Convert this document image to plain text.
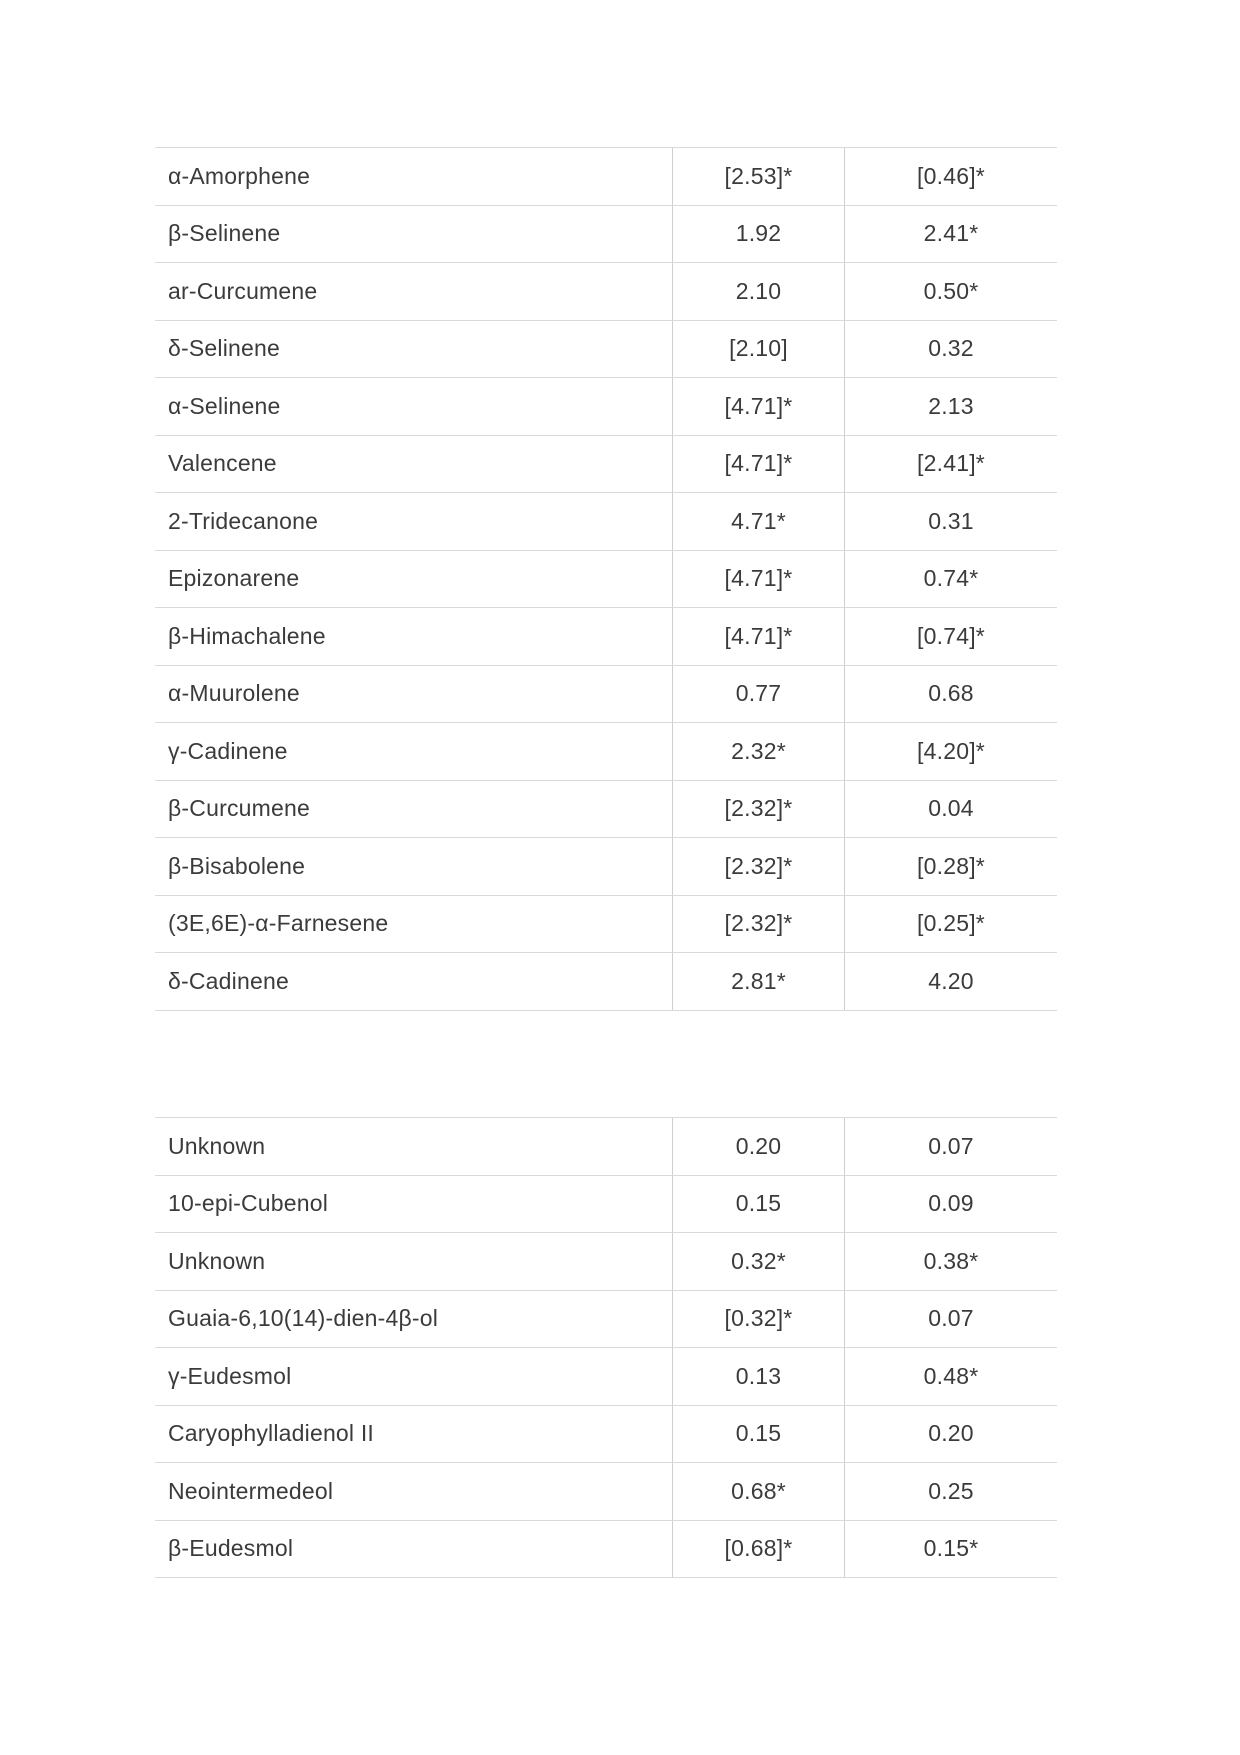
α-Amorphene	[2.53]*	[0.46]*
β-Selinene	1.92	2.41*
ar-Curcumene	2.10	0.50*
δ-Selinene	[2.10]	0.32
α-Selinene	[4.71]*	2.13
Valencene	[4.71]*	[2.41]*
2-Tridecanone	4.71*	0.31
Epizonarene	[4.71]*	0.74*
β-Himachalene	[4.71]*	[0.74]*
α-Muurolene	0.77	0.68
γ-Cadinene	2.32*	[4.20]*
β-Curcumene	[2.32]*	0.04
β-Bisabolene	[2.32]*	[0.28]*
(3E,6E)-α-Farnesene	[2.32]*	[0.25]*
δ-Cadinene	2.81*	4.20
Unknown	0.20	0.07
10-epi-Cubenol	0.15	0.09
Unknown	0.32*	0.38*
Guaia-6,10(14)-dien-4β-ol	[0.32]*	0.07
γ-Eudesmol	0.13	0.48*
Caryophylladienol II	0.15	0.20
Neointermedeol	0.68*	0.25
β-Eudesmol	[0.68]*	0.15*
